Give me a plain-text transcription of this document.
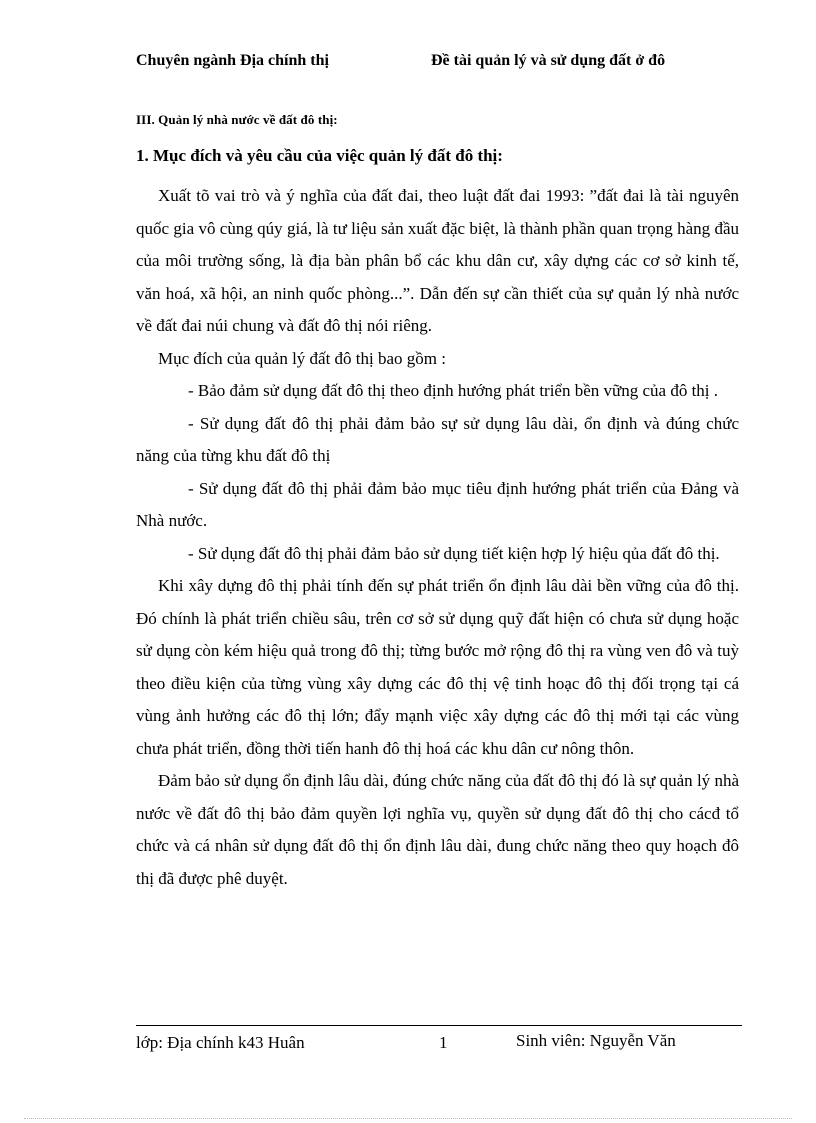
Chuyên ngành Địa chính thị	Đề tài quản lý và sử dụng đất ở đô
III. Quản lý nhà nước về đất đô thị:
1. Mục đích và yêu cầu của việc quản lý đất đô thị:

Xuất tõ vai trò và ý nghĩa của đất đai, theo luật đất đai 1993: ”đất đai là tài nguyên quốc gia vô cùng qúy giá, là tư liệu sản xuất đặc biệt, là thành phần quan trọng hàng đầu của môi trường sống, là địa bàn phân bổ các khu dân cư, xây dựng các cơ sở kinh tế, văn hoá, xã hội, an ninh quốc phòng...”. Dẫn đến sự cần thiết của sự quản lý nhà nước về đất đai núi chung và đất đô thị nói riêng.

Mục đích của quản lý đất đô thị bao gồm :

- Bảo đảm sử dụng đất đô thị theo định hướng phát triển bền vững của đô thị .

- Sử dụng đất đô thị phải đảm bảo sự sử dụng lâu dài, ổn định và đúng chức năng của từng khu đất đô thị

- Sử dụng đất đô thị phải đảm bảo mục tiêu định hướng phát triển của Đảng và Nhà nước.

- Sử dụng đất đô thị phải đảm bảo sử dụng tiết kiện hợp lý hiệu qủa đất đô thị.

Khi xây dựng đô thị phải tính đến sự phát triển ổn định lâu dài bền vững của đô thị. Đó chính là phát triển chiều sâu, trên cơ sở sử dụng quỹ đất hiện có chưa sử dụng hoặc sử dụng còn kém hiệu quả trong đô thị; từng bước mở rộng đô thị ra vùng ven đô và tuỳ theo điều kiện của từng vùng xây dựng các đô thị vệ tinh hoạc đô thị đối trọng tại cá vùng ảnh hưởng các đô thị lớn; đẩy mạnh việc xây dựng các đô thị mới tại các vùng chưa phát triển, đồng thời tiến hanh đô thị hoá các khu dân cư nông thôn.

Đảm bảo sử dụng ổn định lâu dài, đúng chức năng của đất đô thị đó là sự quản lý nhà nước về đất đô thị bảo đảm quyền lợi nghĩa vụ, quyền sử dụng đất đô thị cho cácđ tổ chức và cá nhân sử dụng đất đô thị ổn định lâu dài, đung chức năng theo quy hoạch đô thị đã được phê duyệt.

lớp: Địa chính k43 Huân	1	Sinh viên: Nguyễn Văn
